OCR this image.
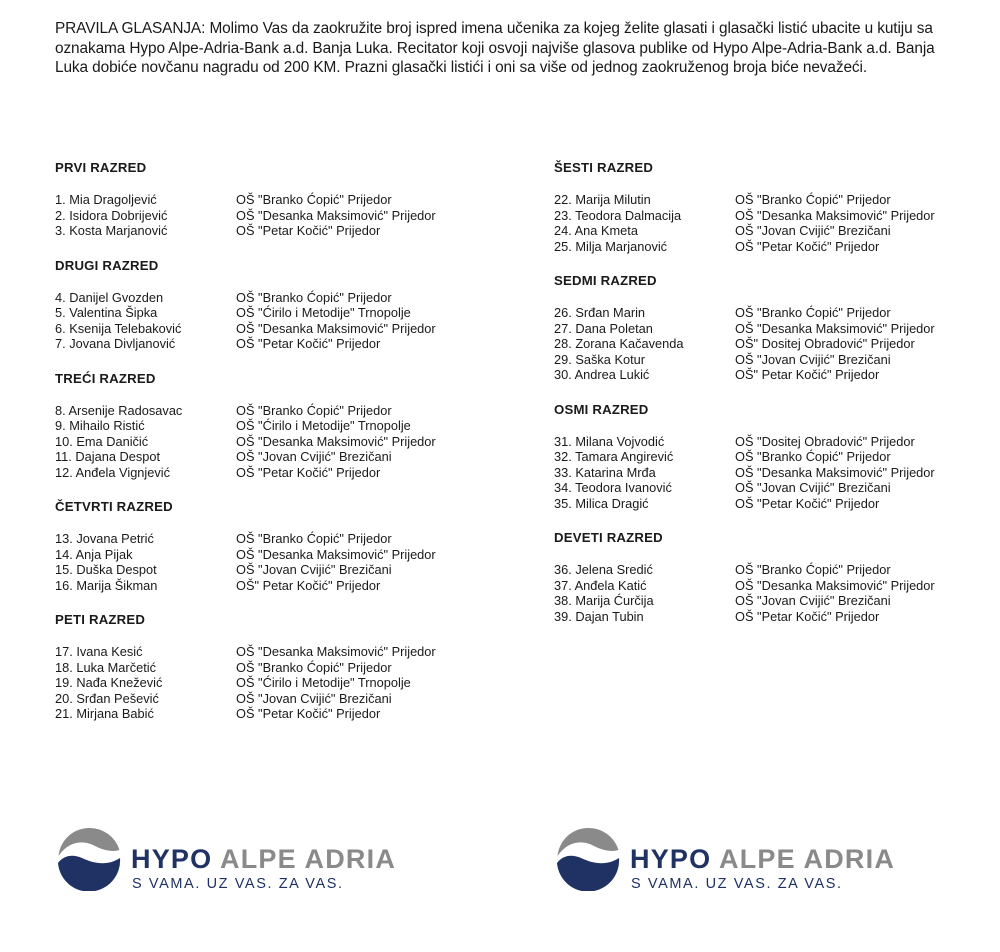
PRAVILA GLASANJA: Molimo Vas da zaokružite broj ispred imena učenika za kojeg želite glasati i glasački listić ubacite u kutiju sa oznakama Hypo Alpe-Adria-Bank a.d. Banja Luka. Recitator koji osvoji najviše glasova publike od Hypo Alpe-Adria-Bank a.d. Banja Luka dobiće novčanu nagradu od 200 KM. Prazni glasački listići i oni sa više od jednog zaokruženog broja biće nevažeći.

PRVI RAZRED
1. Mia Dragoljević	OŠ "Branko Ćopić" Prijedor
2. Isidora Dobrijević	OŠ "Desanka Maksimović" Prijedor
3. Kosta Marjanović	OŠ "Petar Kočić" Prijedor
DRUGI RAZRED
4. Danijel Gvozden	OŠ "Branko Ćopić" Prijedor
5. Valentina Šipka	OŠ "Ćirilo i Metodije" Trnopolje
6. Ksenija Telebaković	OŠ "Desanka Maksimović" Prijedor
7. Jovana Divljanović	OŠ "Petar Kočić" Prijedor
TREĆI RAZRED
8. Arsenije Radosavac	OŠ "Branko Ćopić" Prijedor
9. Mihailo Ristić	OŠ "Ćirilo i Metodije" Trnopolje
10. Ema Daničić	OŠ "Desanka Maksimović" Prijedor
11. Dajana Despot	OŠ "Jovan Cvijić" Brezičani
12. Anđela Vignjević	OŠ "Petar Kočić" Prijedor
ČETVRTI RAZRED
13. Jovana Petrić	OŠ "Branko Ćopić" Prijedor
14. Anja Pijak	OŠ "Desanka Maksimović" Prijedor
15. Duška Despot	OŠ "Jovan Cvijić" Brezičani
16. Marija Šikman	OŠ" Petar Kočić" Prijedor
PETI RAZRED
17. Ivana Kesić	OŠ "Desanka Maksimović" Prijedor
18. Luka Marčetić	OŠ "Branko Ćopić" Prijedor
19. Nađa Knežević	OŠ "Ćirilo i Metodije" Trnopolje
20. Srđan Pešević	OŠ "Jovan Cvijić" Brezičani
21. Mirjana Babić	OŠ "Petar Kočić" Prijedor
ŠESTI RAZRED
22. Marija Milutin	OŠ "Branko Ćopić" Prijedor
23. Teodora Dalmacija	OŠ "Desanka Maksimović" Prijedor
24. Ana Kmeta	OŠ "Jovan Cvijić" Brezičani
25. Milja Marjanović	OŠ "Petar Kočić" Prijedor
SEDMI RAZRED
26. Srđan Marin	OŠ "Branko Ćopić" Prijedor
27. Dana Poletan	OŠ "Desanka Maksimović" Prijedor
28. Zorana Kačavenda	OŠ" Dositej Obradović" Prijedor
29. Saška Kotur	OŠ "Jovan Cvijić" Brezičani
30. Andrea Lukić	OŠ" Petar Kočić" Prijedor
OSMI RAZRED
31. Milana Vojvodić	OŠ "Dositej Obradović" Prijedor
32. Tamara Angirević	OŠ "Branko Ćopić" Prijedor
33. Katarina Mrđa	OŠ "Desanka Maksimović" Prijedor
34. Teodora Ivanović	OŠ "Jovan Cvijić" Brezičani
35. Milica Dragić	OŠ "Petar Kočić" Prijedor
DEVETI RAZRED
36. Jelena Sredić	OŠ "Branko Ćopić" Prijedor
37. Anđela Katić	OŠ "Desanka Maksimović" Prijedor
38. Marija Ćurčija	OŠ "Jovan Cvijić" Brezičani
39. Dajan Tubin	OŠ "Petar Kočić" Prijedor
HYPO ALPE ADRIA
S VAMA. UZ VAS. ZA VAS.
HYPO ALPE ADRIA
S VAMA. UZ VAS. ZA VAS.
